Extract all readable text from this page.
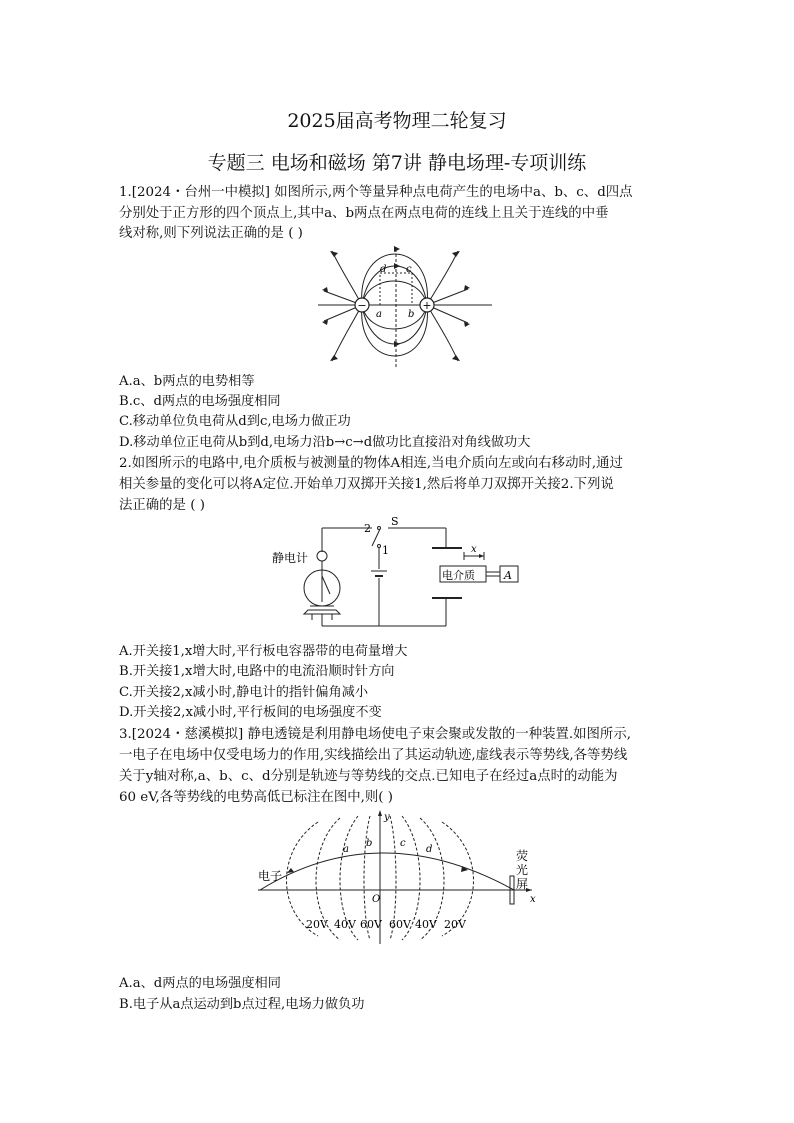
2025届高考物理二轮复习
专题三 电场和磁场 第7讲 静电场理-专项训练
1.[2024・台州一中模拟] 如图所示,两个等量异种点电荷产生的电场中a、b、c、d四点
分别处于正方形的四个顶点上,其中a、b两点在两点电荷的连线上且关于连线的中垂
线对称,则下列说法正确的是 ( )
−	+
a	b
c
d
A.a、b两点的电势相等
B.c、d两点的电场强度相同
C.移动单位负电荷从d到c,电场力做正功
D.移动单位正电荷从b到d,电场力沿b→c→d做功比直接沿对角线做功大
2.如图所示的电路中,电介质板与被测量的物体A相连,当电介质向左或向右移动时,通过
相关参量的变化可以将A定位.开始单刀双掷开关接1,然后将单刀双掷开关接2.下列说
法正确的是 ( )
静电计
2
S
1	x
电介质	A
A.开关接1,x增大时,平行板电容器带的电荷量增大
B.开关接1,x增大时,电路中的电流沿顺时针方向
C.开关接2,x减小时,静电计的指针偏角减小
D.开关接2,x减小时,平行板间的电场强度不变
3.[2024・慈溪模拟] 静电透镜是利用静电场使电子束会聚或发散的一种装置.如图所示,
一电子在电场中仅受电场力的作用,实线描绘出了其运动轨迹,虚线表示等势线,各等势线
关于y轴对称,a、b、c、d分别是轨迹与等势线的交点.已知电子在经过a点时的动能为
60 eV,各等势线的电势高低已标注在图中,则( )
y
x
O
电子
a
b	c
d	荧
光
屏
20V 40V 60V 60V 40V 20V
A.a、d两点的电场强度相同
B.电子从a点运动到b点过程,电场力做负功
